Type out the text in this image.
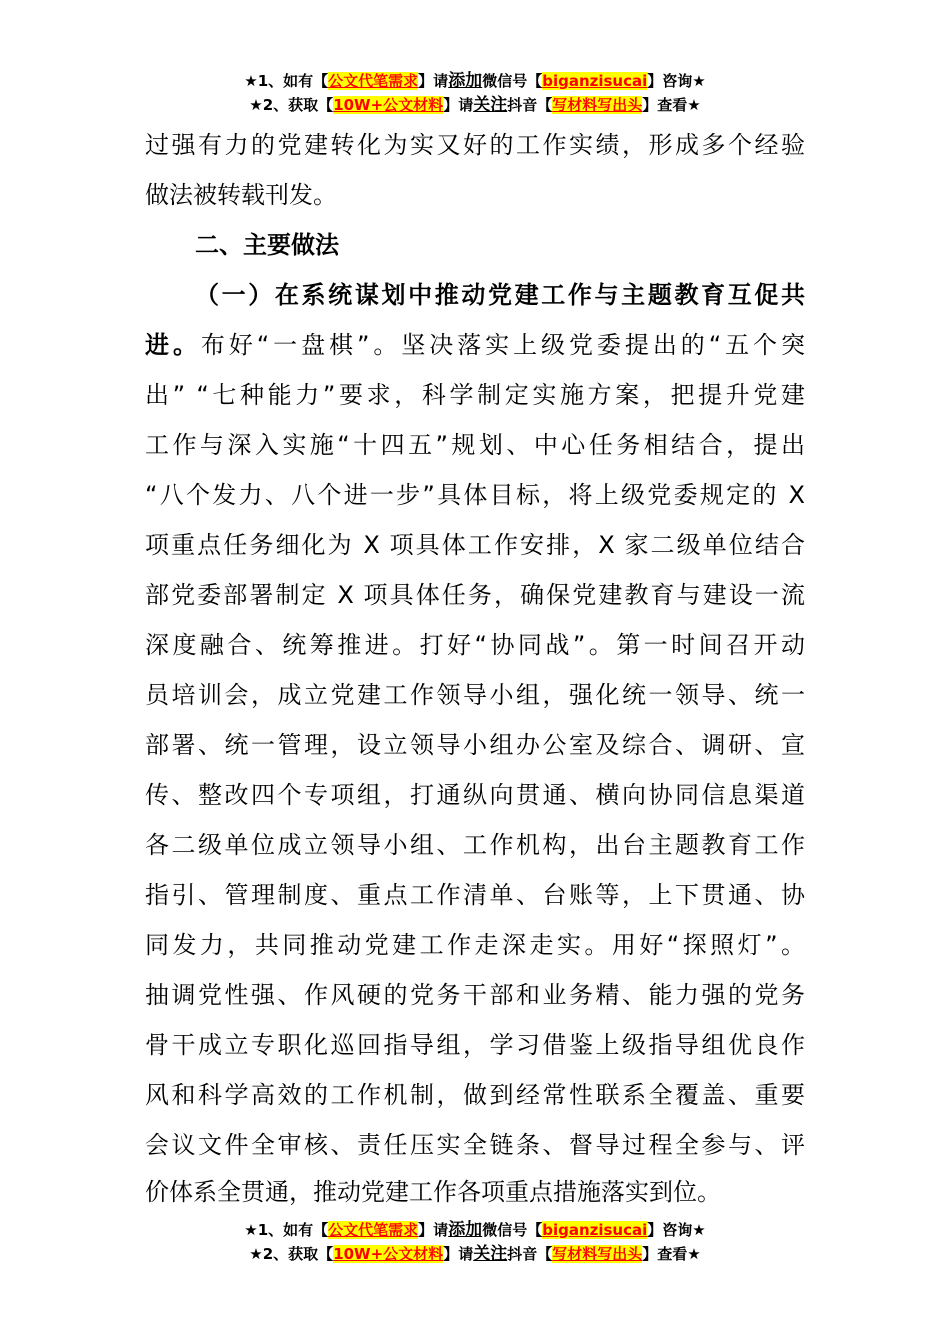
★1、如有【公文代笔需求】请添加微信号【biganzisucai】咨询★
★2、获取【10W+公文材料】请关注抖音【写材料写出头】查看★
过强有力的党建转化为实又好的工作实绩，形成多个经验
做法被转载刊发。
二、主要做法
（一）在系统谋划中推动党建工作与主题教育互促共
进。布好“一盘棋”。坚决落实上级党委提出的“五个突
出” “七种能力”要求，科学制定实施方案，把提升党建
工作与深入实施“十四五”规划、中心任务相结合，提出
“八个发力、八个进一步”具体目标，将上级党委规定的 X
项重点任务细化为 X 项具体工作安排，X 家二级单位结合
部党委部署制定 X 项具体任务，确保党建教育与建设一流
深度融合、统筹推进。打好“协同战”。第一时间召开动
员培训会，成立党建工作领导小组，强化统一领导、统一
部署、统一管理，设立领导小组办公室及综合、调研、宣
传、整改四个专项组，打通纵向贯通、横向协同信息渠道
各二级单位成立领导小组、工作机构，出台主题教育工作
指引、管理制度、重点工作清单、台账等，上下贯通、协
同发力，共同推动党建工作走深走实。用好“探照灯”。
抽调党性强、作风硬的党务干部和业务精、能力强的党务
骨干成立专职化巡回指导组，学习借鉴上级指导组优良作
风和科学高效的工作机制，做到经常性联系全覆盖、重要
会议文件全审核、责任压实全链条、督导过程全参与、评
价体系全贯通，推动党建工作各项重点措施落实到位。
★1、如有【公文代笔需求】请添加微信号【biganzisucai】咨询★
★2、获取【10W+公文材料】请关注抖音【写材料写出头】查看★
